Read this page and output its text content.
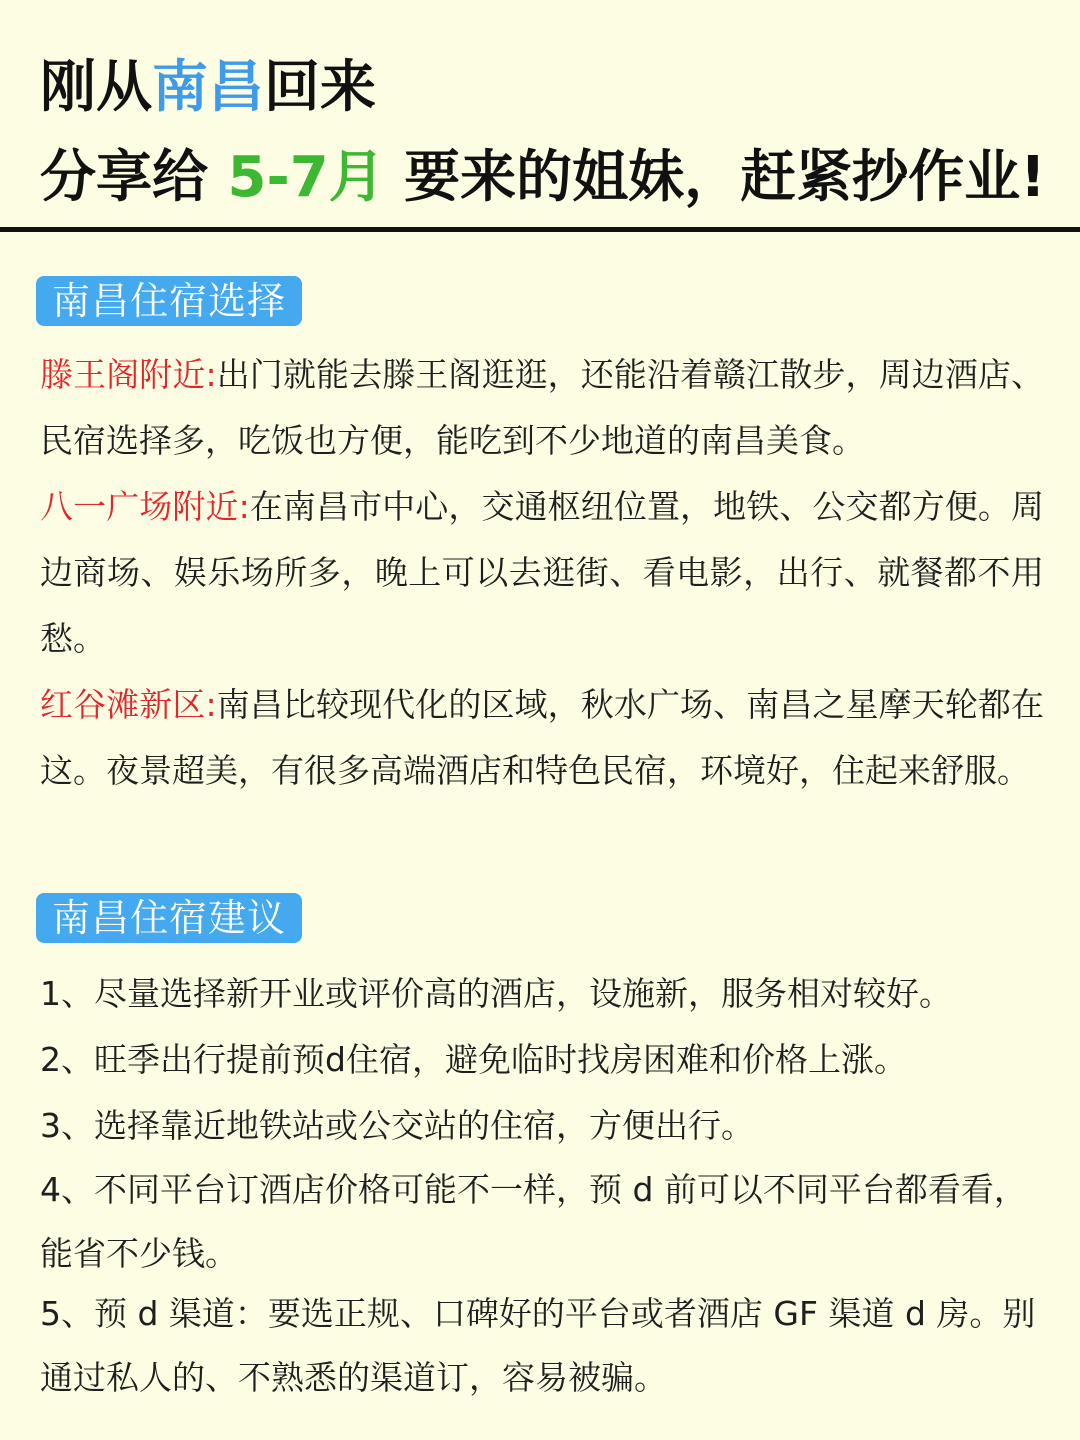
刚从南昌回来
分享给 5-7月 要来的姐妹，赶紧抄作业!
南昌住宿选择
滕王阁附近:出门就能去滕王阁逛逛，还能沿着赣江散步，周边酒店、民宿选择多，吃饭也方便，能吃到不少地道的南昌美食。
八一广场附近:在南昌市中心，交通枢纽位置，地铁、公交都方便。周边商场、娱乐场所多，晚上可以去逛街、看电影，出行、就餐都不用愁。
红谷滩新区:南昌比较现代化的区域，秋水广场、南昌之星摩天轮都在这。夜景超美，有很多高端酒店和特色民宿，环境好，住起来舒服。
南昌住宿建议
1、尽量选择新开业或评价高的酒店，设施新，服务相对较好。
2、旺季出行提前预d住宿，避免临时找房困难和价格上涨。
3、选择靠近地铁站或公交站的住宿，方便出行。
4、不同平台订酒店价格可能不一样，预 d 前可以不同平台都看看，能省不少钱。
5、预 d 渠道：要选正规、口碑好的平台或者酒店 GF 渠道 d 房。别通过私人的、不熟悉的渠道订，容易被骗。
